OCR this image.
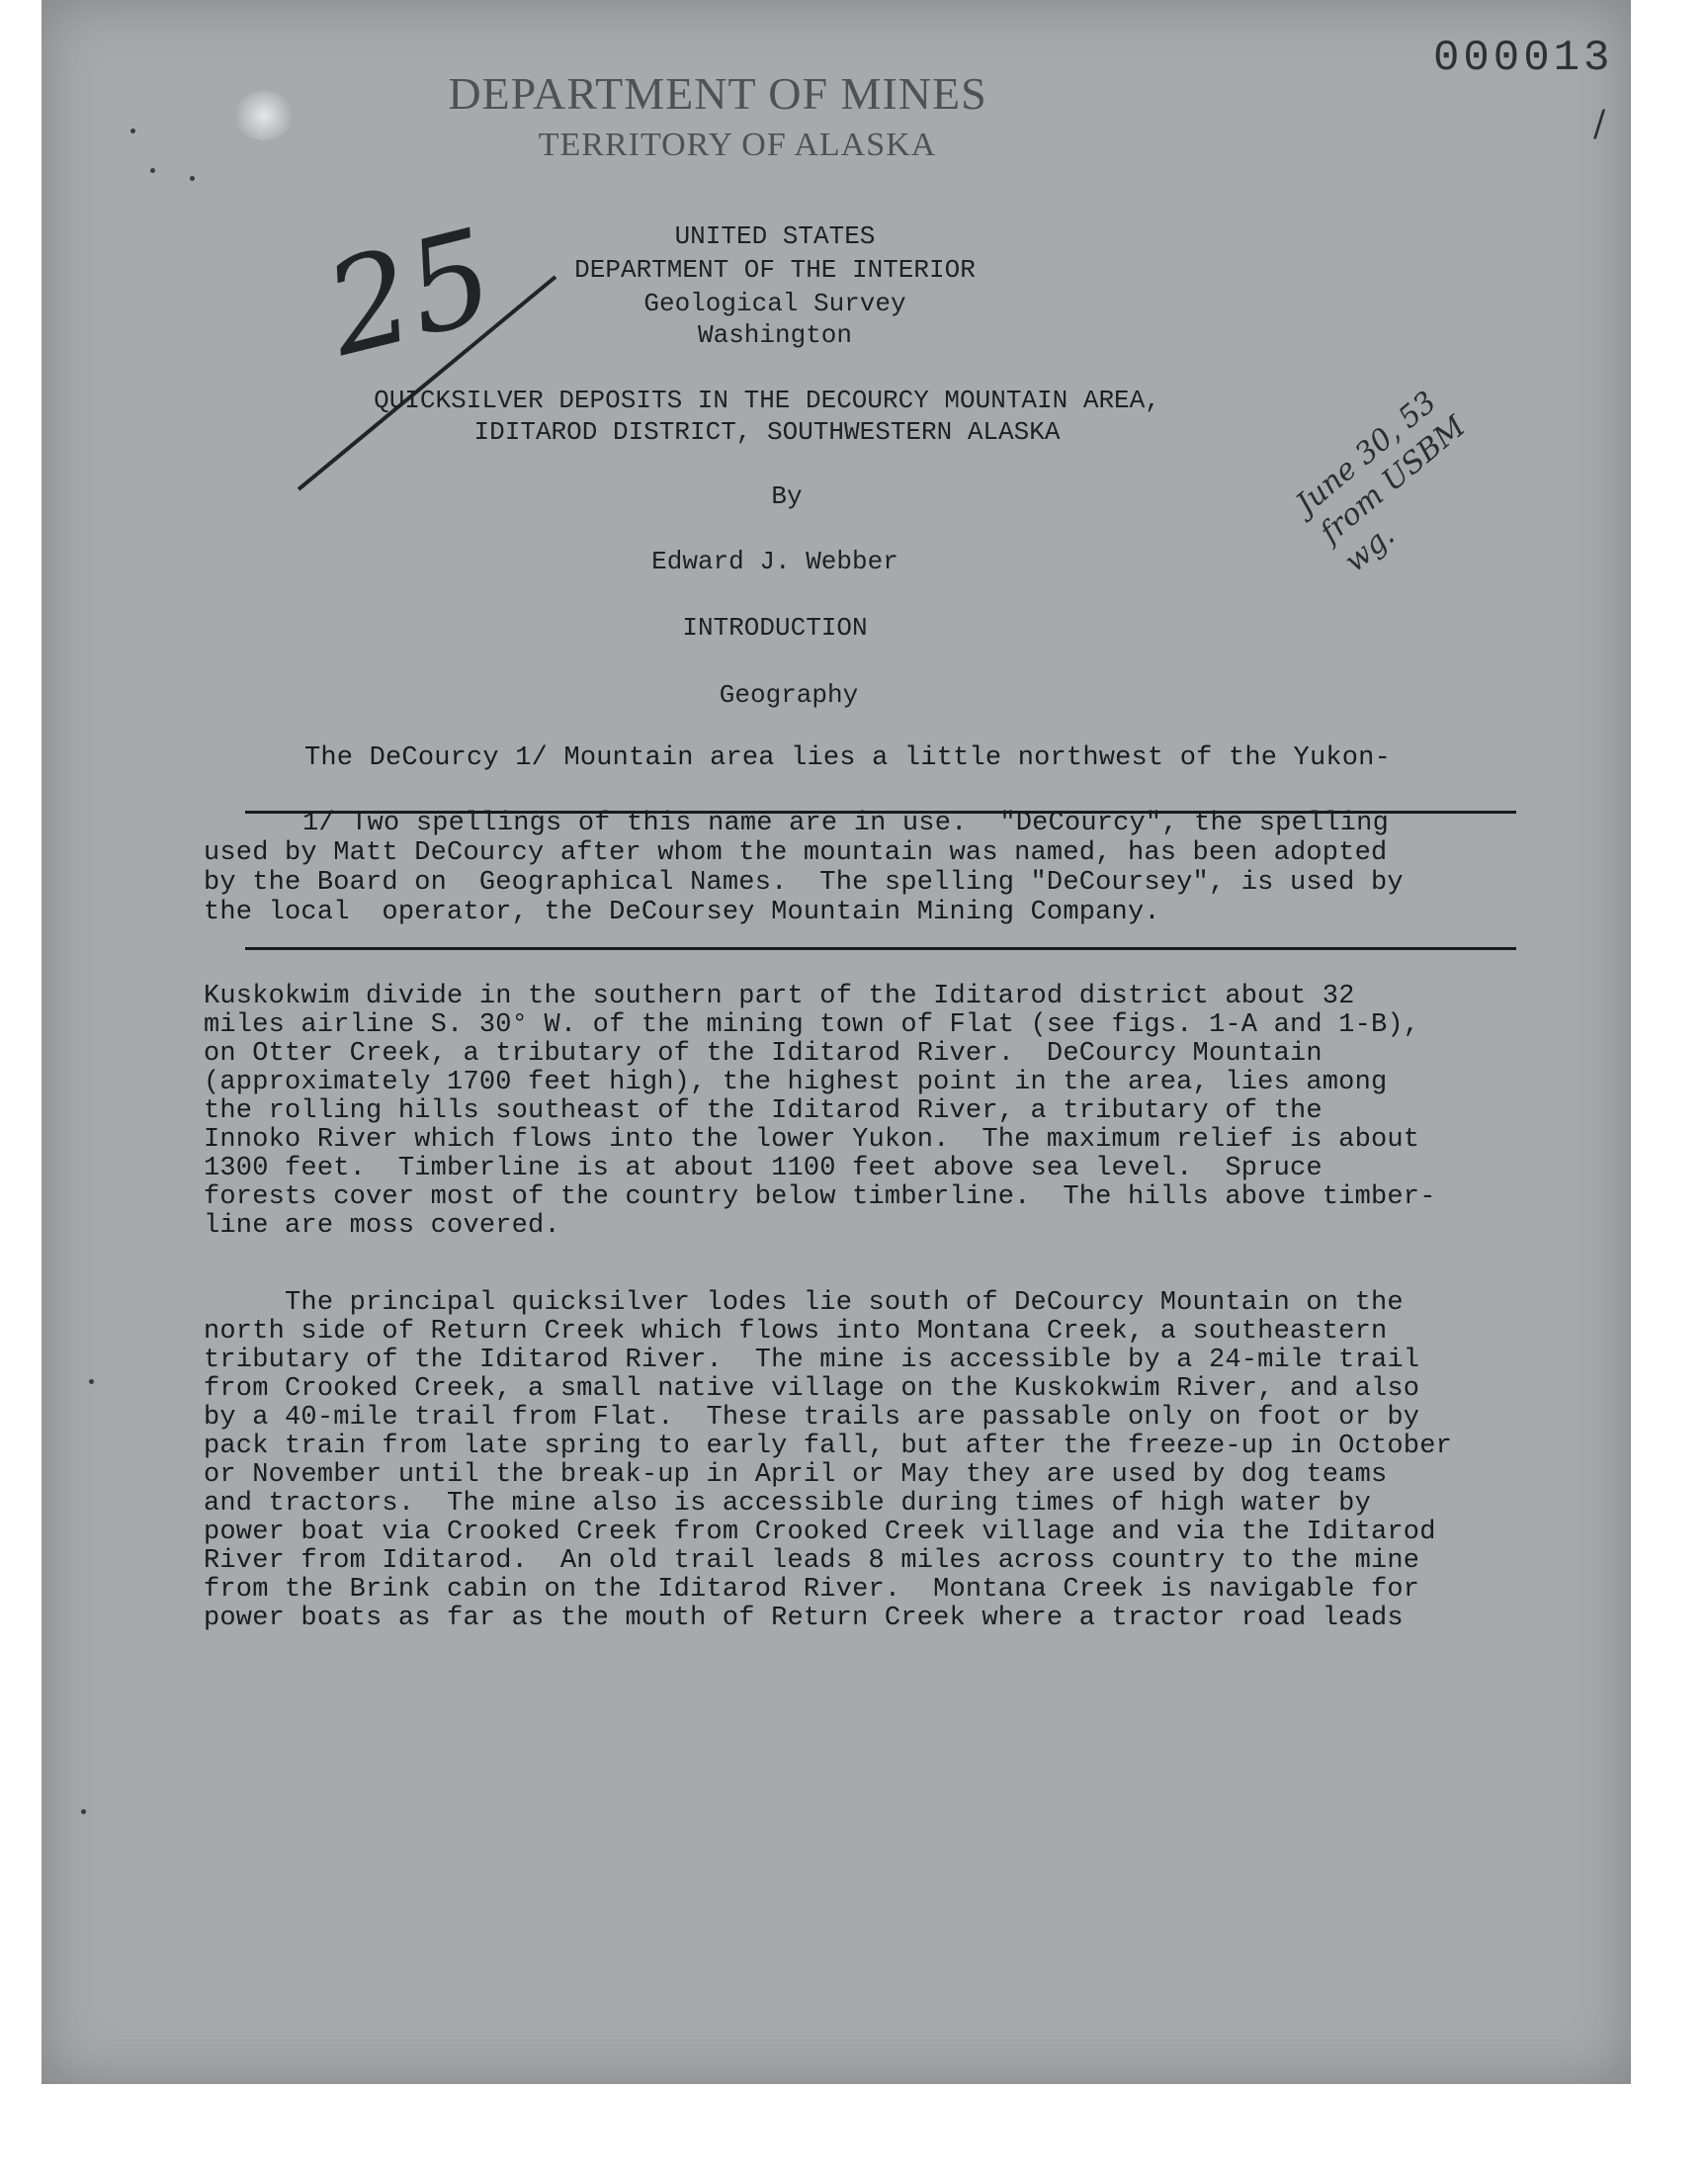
DEPARTMENT OF MINES
TERRITORY OF ALASKA
000013
/
25
June 30, 53
from USBM
wg.
UNITED STATES
DEPARTMENT OF THE INTERIOR
Geological Survey
Washington
QUICKSILVER DEPOSITS IN THE DECOURCY MOUNTAIN AREA,
IDITAROD DISTRICT, SOUTHWESTERN ALASKA
By
Edward J. Webber
INTRODUCTION
Geography
The DeCourcy 1/ Mountain area lies a little northwest of the Yukon-
1/ Two spellings of this name are in use.  "DeCourcy", the spelling
used by Matt DeCourcy after whom the mountain was named, has been adopted
by the Board on  Geographical Names.  The spelling "DeCoursey", is used by
the local  operator, the DeCoursey Mountain Mining Company.
Kuskokwim divide in the southern part of the Iditarod district about 32
miles airline S. 30° W. of the mining town of Flat (see figs. 1-A and 1-B),
on Otter Creek, a tributary of the Iditarod River.  DeCourcy Mountain
(approximately 1700 feet high), the highest point in the area, lies among
the rolling hills southeast of the Iditarod River, a tributary of the
Innoko River which flows into the lower Yukon.  The maximum relief is about
1300 feet.  Timberline is at about 1100 feet above sea level.  Spruce
forests cover most of the country below timberline.  The hills above timber-
line are moss covered.
The principal quicksilver lodes lie south of DeCourcy Mountain on the
north side of Return Creek which flows into Montana Creek, a southeastern
tributary of the Iditarod River.  The mine is accessible by a 24-mile trail
from Crooked Creek, a small native village on the Kuskokwim River, and also
by a 40-mile trail from Flat.  These trails are passable only on foot or by
pack train from late spring to early fall, but after the freeze-up in October
or November until the break-up in April or May they are used by dog teams
and tractors.  The mine also is accessible during times of high water by
power boat via Crooked Creek from Crooked Creek village and via the Iditarod
River from Iditarod.  An old trail leads 8 miles across country to the mine
from the Brink cabin on the Iditarod River.  Montana Creek is navigable for
power boats as far as the mouth of Return Creek where a tractor road leads
